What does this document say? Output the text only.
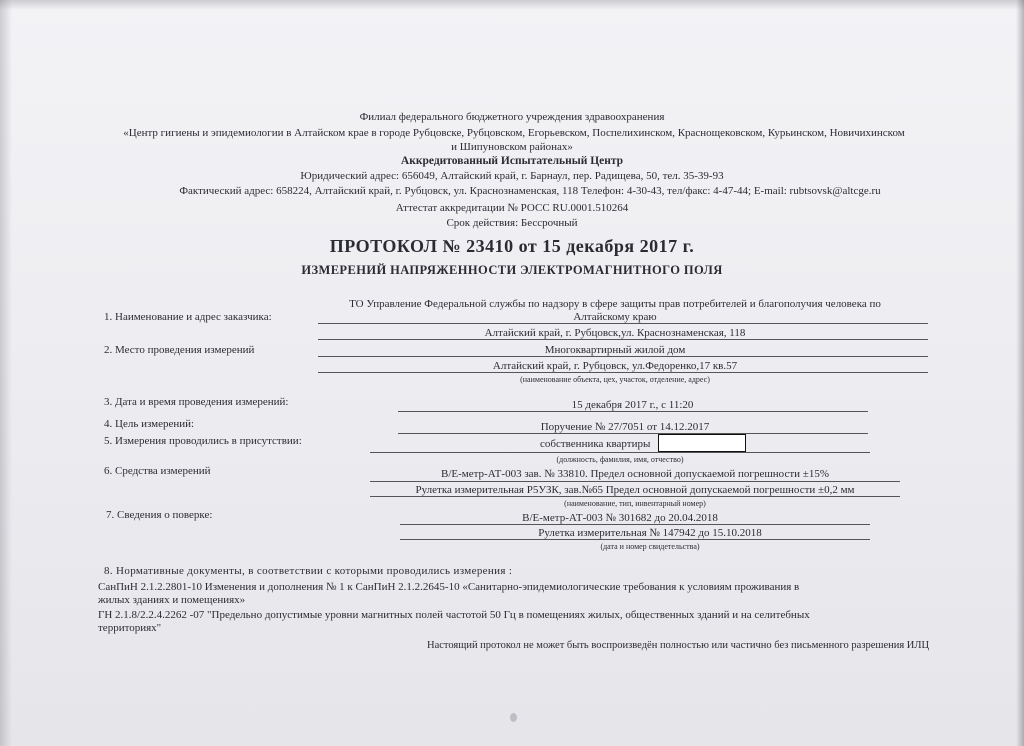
Филиал федерального бюджетного учреждения здравоохранения
«Центр гигиены и эпидемиологии в Алтайском крае в городе Рубцовске, Рубцовском, Егорьевском, Поспелихинском, Краснощековском, Курьинском, Новичихинском
и Шипуновском районах»
Аккредитованный Испытательный Центр
Юридический адрес: 656049, Алтайский край, г. Барнаул, пер. Радищева, 50, тел. 35-39-93
Фактический адрес: 658224, Алтайский край, г. Рубцовск, ул. Краснознаменская, 118 Телефон: 4-30-43, тел/факс: 4-47-44; E-mail: rubtsovsk@altcge.ru
Аттестат аккредитации № РОСС RU.0001.510264
Срок действия: Бессрочный
ПРОТОКОЛ № 23410 от 15 декабря 2017 г.
ИЗМЕРЕНИЙ НАПРЯЖЕННОСТИ ЭЛЕКТРОМАГНИТНОГО ПОЛЯ
1. Наименование и адрес заказчика:
ТО Управление Федеральной службы по надзору в сфере защиты прав потребителей и благополучия человека по
Алтайскому краю
Алтайский край, г. Рубцовск,ул. Краснознаменская, 118
2. Место проведения измерений	Многоквартирный жилой дом
Алтайский край, г. Рубцовск, ул.Федоренко,17 кв.57
(наименование объекта, цех, участок, отделение, адрес)
3. Дата и время проведения измерений:	15 декабря 2017 г., с 11:20
4. Цель измерений:	Поручение № 27/7051 от 14.12.2017
5. Измерения проводились в присутствии:	собственника квартиры
(должность, фамилия, имя, отчество)
6. Средства измерений	В/Е-метр-АТ-003 зав. № 33810. Предел основной допускаемой погрешности ±15%
Рулетка измерительная Р5УЗК, зав.№65 Предел основной допускаемой погрешности ±0,2 мм
(наименование, тип, инвентарный номер)
7. Сведения о поверке:	В/Е-метр-АТ-003 № 301682 до 20.04.2018
Рулетка измерительная № 147942 до 15.10.2018
(дата и номер свидетельства)
8. Нормативные документы, в соответствии с которыми проводились измерения :
СанПиН 2.1.2.2801-10 Изменения и дополнения № 1 к СанПиН 2.1.2.2645-10 «Санитарно-эпидемиологические требования к условиям проживания в
жилых зданиях и помещениях»
ГН 2.1.8/2.2.4.2262 -07 "Предельно допустимые уровни магнитных полей частотой 50 Гц в помещениях жилых, общественных зданий и на селитебных
территориях"
Настоящий протокол не может быть воспроизведён полностью или частично без письменного разрешения ИЛЦ
